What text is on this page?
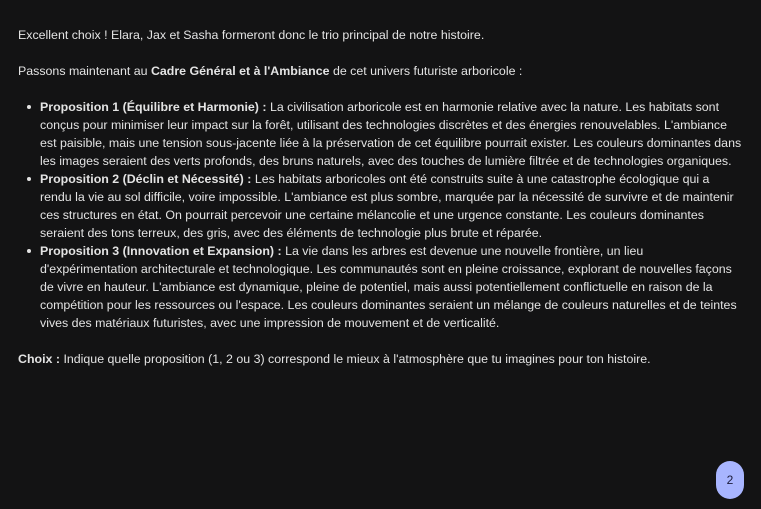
Excellent choix ! Elara, Jax et Sasha formeront donc le trio principal de notre histoire.

Passons maintenant au Cadre Général et à l'Ambiance de cet univers futuriste arboricole :

Proposition 1 (Équilibre et Harmonie) : La civilisation arboricole est en harmonie relative avec la nature. Les habitats sont conçus pour minimiser leur impact sur la forêt, utilisant des technologies discrètes et des énergies renouvelables. L'ambiance est paisible, mais une tension sous-jacente liée à la préservation de cet équilibre pourrait exister. Les couleurs dominantes dans les images seraient des verts profonds, des bruns naturels, avec des touches de lumière filtrée et de technologies organiques.
Proposition 2 (Déclin et Nécessité) : Les habitats arboricoles ont été construits suite à une catastrophe écologique qui a rendu la vie au sol difficile, voire impossible. L'ambiance est plus sombre, marquée par la nécessité de survivre et de maintenir ces structures en état. On pourrait percevoir une certaine mélancolie et une urgence constante. Les couleurs dominantes seraient des tons terreux, des gris, avec des éléments de technologie plus brute et réparée.
Proposition 3 (Innovation et Expansion) : La vie dans les arbres est devenue une nouvelle frontière, un lieu d'expérimentation architecturale et technologique. Les communautés sont en pleine croissance, explorant de nouvelles façons de vivre en hauteur. L'ambiance est dynamique, pleine de potentiel, mais aussi potentiellement conflictuelle en raison de la compétition pour les ressources ou l'espace. Les couleurs dominantes seraient un mélange de couleurs naturelles et de teintes vives des matériaux futuristes, avec une impression de mouvement et de verticalité.

Choix : Indique quelle proposition (1, 2 ou 3) correspond le mieux à l'atmosphère que tu imagines pour ton histoire.

2
